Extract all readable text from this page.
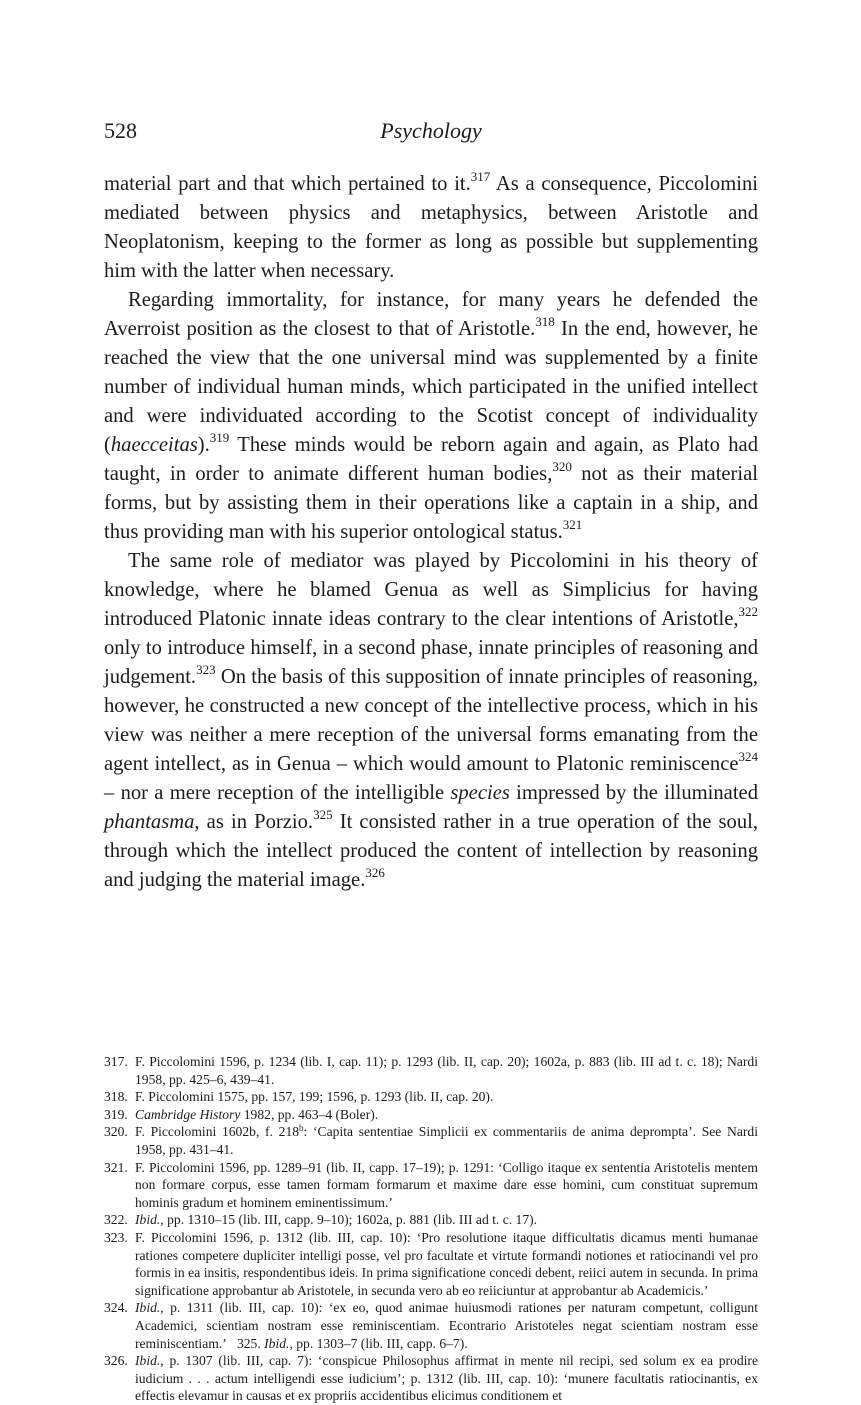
528	Psychology

material part and that which pertained to it.$^{317}$ As a consequence, Piccolomini mediated between physics and metaphysics, between Aristotle and Neoplatonism, keeping to the former as long as possible but supplementing him with the latter when necessary.

Regarding immortality, for instance, for many years he defended the Averroist position as the closest to that of Aristotle.$^{318}$ In the end, however, he reached the view that the one universal mind was supplemented by a finite number of individual human minds, which participated in the unified intellect and were individuated according to the Scotist concept of individuality (haecceitas).$^{319}$ These minds would be reborn again and again, as Plato had taught, in order to animate different human bodies,$^{320}$ not as their material forms, but by assisting them in their operations like a captain in a ship, and thus providing man with his superior ontological status.$^{321}$

The same role of mediator was played by Piccolomini in his theory of knowledge, where he blamed Genua as well as Simplicius for having introduced Platonic innate ideas contrary to the clear intentions of Aristotle,$^{322}$ only to introduce himself, in a second phase, innate principles of reasoning and judgement.$^{323}$ On the basis of this supposition of innate principles of reasoning, however, he constructed a new concept of the intellective process, which in his view was neither a mere reception of the universal forms emanating from the agent intellect, as in Genua – which would amount to Platonic reminiscence$^{324}$ – nor a mere reception of the intelligible species impressed by the illuminated phantasma, as in Porzio.$^{325}$ It consisted rather in a true operation of the soul, through which the intellect produced the content of intellection by reasoning and judging the material image.$^{326}$

317. F. Piccolomini 1596, p. 1234 (lib. I, cap. 11); p. 1293 (lib. II, cap. 20); 1602a, p. 883 (lib. III ad t. c. 18); Nardi 1958, pp. 425–6, 439–41.
318. F. Piccolomini 1575, pp. 157, 199; 1596, p. 1293 (lib. II, cap. 20).
319. Cambridge History 1982, pp. 463–4 (Boler).
320. F. Piccolomini 1602b, f. 218$^b$: ‘Capita sententiae Simplicii ex commentariis de anima deprompta’. See Nardi 1958, pp. 431–41.
321. F. Piccolomini 1596, pp. 1289–91 (lib. II, capp. 17–19); p. 1291: ‘Colligo itaque ex sententia Aristotelis mentem non formare corpus, esse tamen formam formarum et maxime dare esse homini, cum constituat supremum hominis gradum et hominem eminentissimum.’
322. Ibid., pp. 1310–15 (lib. III, capp. 9–10); 1602a, p. 881 (lib. III ad t. c. 17).
323. F. Piccolomini 1596, p. 1312 (lib. III, cap. 10): ‘Pro resolutione itaque difficultatis dicamus menti humanae rationes competere dupliciter intelligi posse, vel pro facultate et virtute formandi notiones et ratiocinandi vel pro formis in ea insitis, respondentibus ideis. In prima significatione concedi debent, reiici autem in secunda. In prima significatione approbantur ab Aristotele, in secunda vero ab eo reiiciuntur at approbantur ab Academicis.’
324. Ibid., p. 1311 (lib. III, cap. 10): ‘ex eo, quod animae huiusmodi rationes per naturam competunt, colligunt Academici, scientiam nostram esse reminiscentiam. Econtrario Aristoteles negat scientiam nostram esse reminiscentiam.’ 325. Ibid., pp. 1303–7 (lib. III, capp. 6–7).
326. Ibid., p. 1307 (lib. III, cap. 7): ‘conspicue Philosophus affirmat in mente nil recipi, sed solum ex ea prodire iudicium . . . actum intelligendi esse iudicium’; p. 1312 (lib. III, cap. 10): ‘munere facultatis ratiocinantis, ex effectis elevamur in causas et ex propriis accidentibus elicimus conditionem et
